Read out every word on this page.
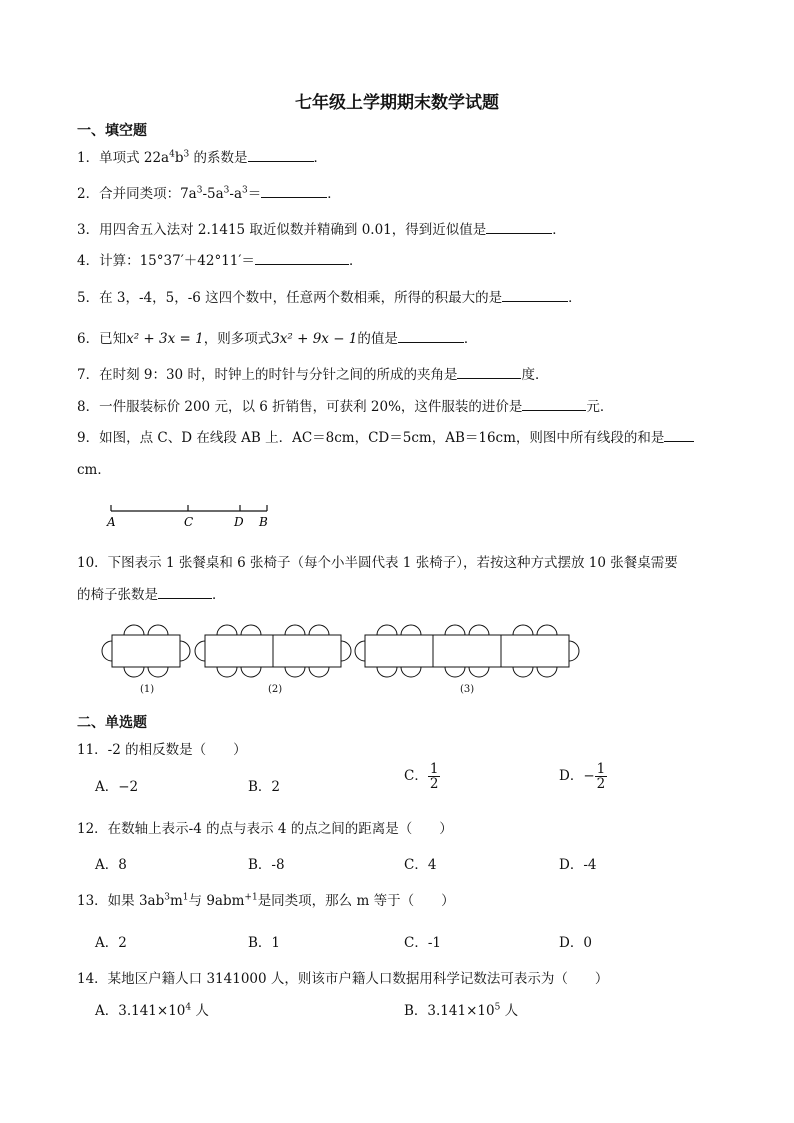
七年级上学期期末数学试题
一、填空题
1．单项式 $22a^4b^3$ 的系数是	．
2．合并同类项：$7a^3-5a^3-a^3=$	．
3．用四舍五入法对 2.1415 取近似数并精确到 0.01，得到近似值是	．
4．计算：15°37′＋42°11′＝	．
5．在 3，-4，5，-6 这四个数中，任意两个数相乘，所得的积最大的是	．
6．已知x² + 3x = 1，则多项式3x² + 9x − 1的值是	．
7．在时刻 9：30 时，时钟上的时针与分针之间的所成的夹角是	度．
8．一件服装标价 200 元，以 6 折销售，可获利 20%，这件服装的进价是	元．
9．如图，点 C、D 在线段 AB 上．AC＝8cm，CD＝5cm，AB＝16cm，则图中所有线段的和是
cm．
A	C	D B
10．下图表示 1 张餐桌和 6 张椅子（每个小半圆代表 1 张椅子），若按这种方式摆放 10 张餐桌需要
的椅子张数是	．
(1)	(2)	(3)
二、单选题
11．-2 的相反数是（　　）
A．−2	B．2
C． $\frac{1}{2}$	D．− $\frac{1}{2}$
12．在数轴上表示-4 的点与表示 4 的点之间的距离是（　　）
A．8	B．-8	C．4	D．-4
13．如果 $3ab^3m^1$与 9abm$^{+1}$是同类项，那么 m 等于（　　）
A．2	B．1	C．-1	D．0
14．某地区户籍人口 3141000 人，则该市户籍人口数据用科学记数法可表示为（　　）
A．$3.141\times 10^4$ 人	B．$3.141\times 10^5$ 人
